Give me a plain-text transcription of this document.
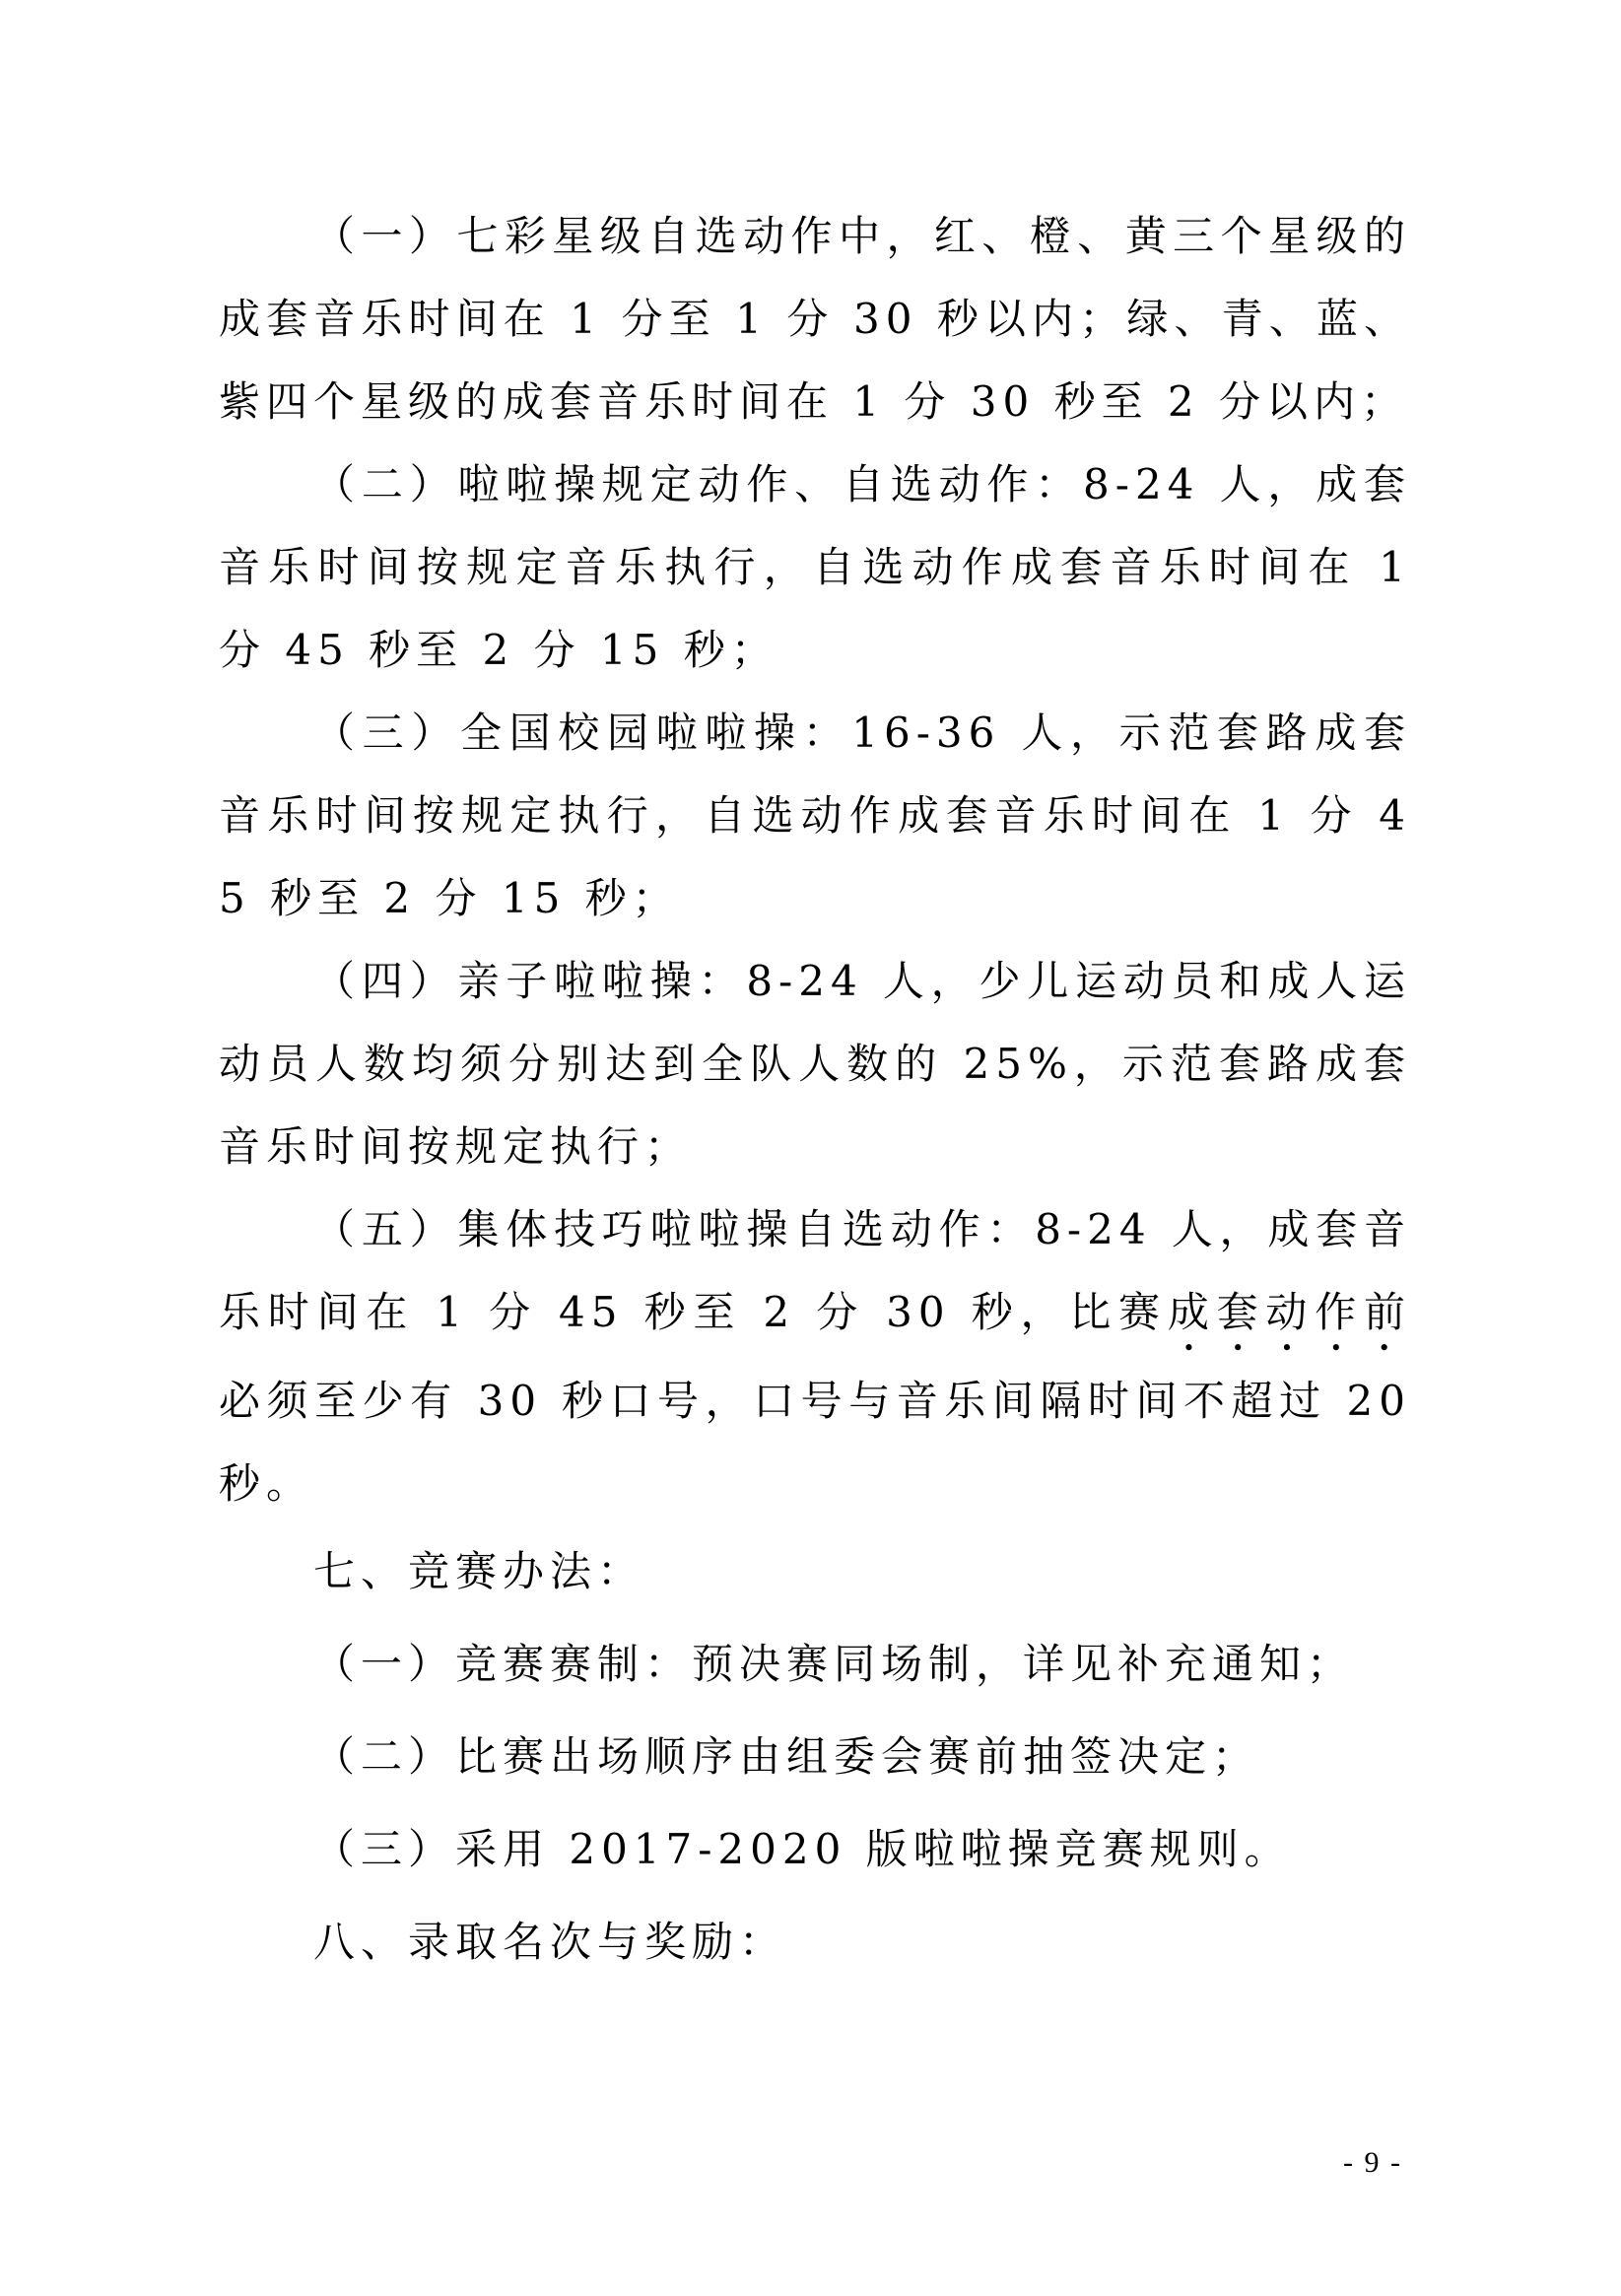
（一）七彩星级自选动作中，红、橙、黄三个星级的成套音乐时间在 1 分至 1 分 30 秒以内；绿、青、蓝、紫四个星级的成套音乐时间在 1 分 30 秒至 2 分以内；

（二）啦啦操规定动作、自选动作：8-24 人，成套音乐时间按规定音乐执行，自选动作成套音乐时间在 1 分 45 秒至 2 分 15 秒；

（三）全国校园啦啦操：16-36 人，示范套路成套音乐时间按规定执行，自选动作成套音乐时间在 1 分 45 秒至 2 分 15 秒；

（四）亲子啦啦操：8-24 人，少儿运动员和成人运动员人数均须分别达到全队人数的 25%，示范套路成套音乐时间按规定执行；

（五）集体技巧啦啦操自选动作：8-24 人，成套音乐时间在 1 分 45 秒至 2 分 30 秒，比赛成套动作前必须至少有 30 秒口号，口号与音乐间隔时间不超过 20 秒。

七、竞赛办法：

（一）竞赛赛制：预决赛同场制，详见补充通知；

（二）比赛出场顺序由组委会赛前抽签决定；

（三）采用 2017-2020 版啦啦操竞赛规则。

八、录取名次与奖励：

- 9 -
